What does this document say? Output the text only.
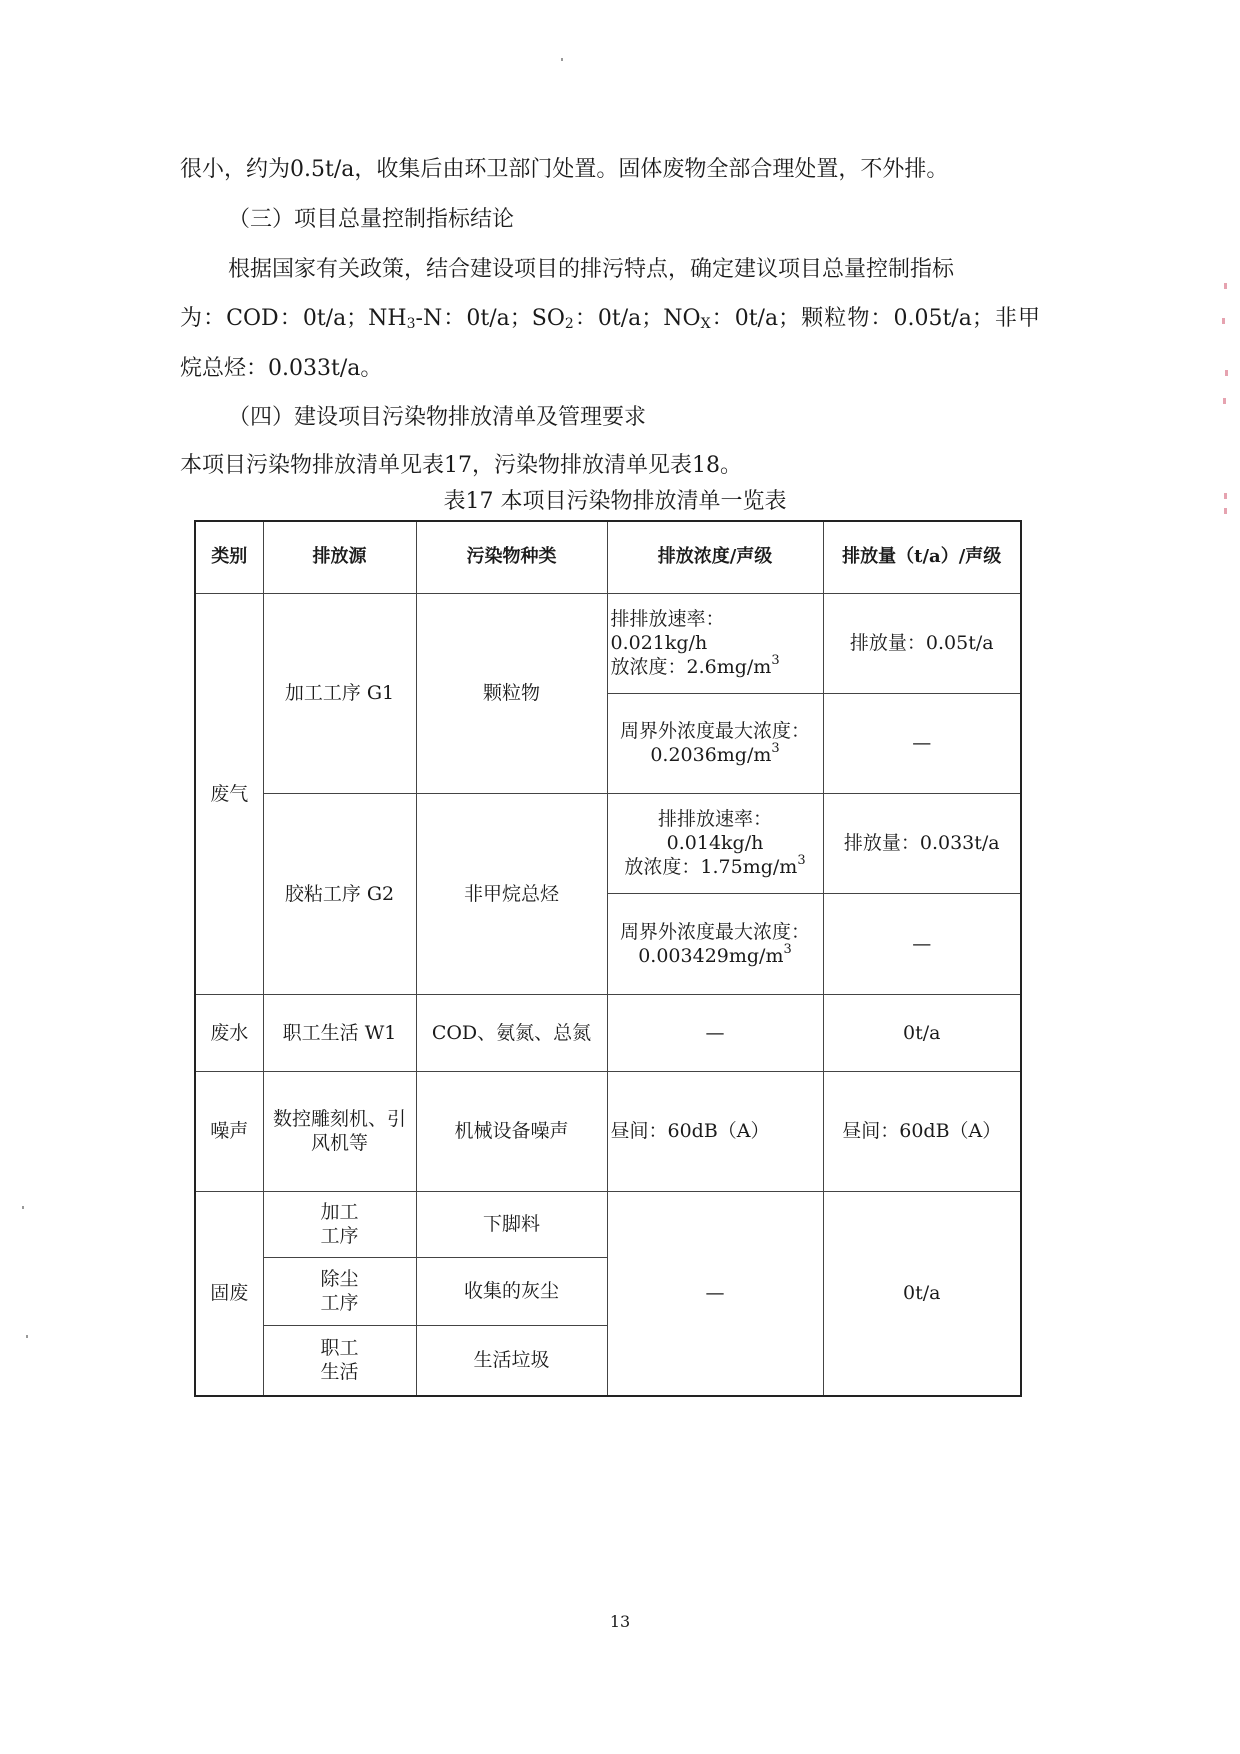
很小，约为0.5t/a，收集后由环卫部门处置。固体废物全部合理处置，不外排。
（三）项目总量控制指标结论
根据国家有关政策，结合建设项目的排污特点，确定建议项目总量控制指标
为：COD：0t/a；$NH_3-N$：0t/a；$SO_2$：0t/a；$NO_X$：0t/a；颗粒物：0.05t/a；非甲
烷总烃：0.033t/a。
（四）建设项目污染物排放清单及管理要求
本项目污染物排放清单见表17，污染物排放清单见表18。
表17 本项目污染物排放清单一览表
类别	排放源	污染物种类	排放浓度/声级	排放量（t/a）/声级
废气	加工工序 G1	颗粒物	排排放速率：0.021kg/h
放浓度：$2.6mg/m^3$	排放量：0.05t/a
			周界外浓度最大浓度：
$0.2036mg/m^3$	—
	胶粘工序 G2	非甲烷总烃	排排放速率：0.014kg/h
放浓度：$1.75mg/m^3$	排放量：0.033t/a
			周界外浓度最大浓度：
$0.003429mg/m^3$	—
废水	职工生活 W1	COD、氨氮、总氮	—	0t/a
噪声	数控雕刻机、引
风机等	机械设备噪声	昼间：60dB（A）	昼间：60dB（A）
固废	加工
工序	下脚料	—	0t/a
	除尘
工序	收集的灰尘		
	职工
生活	生活垃圾		
13
